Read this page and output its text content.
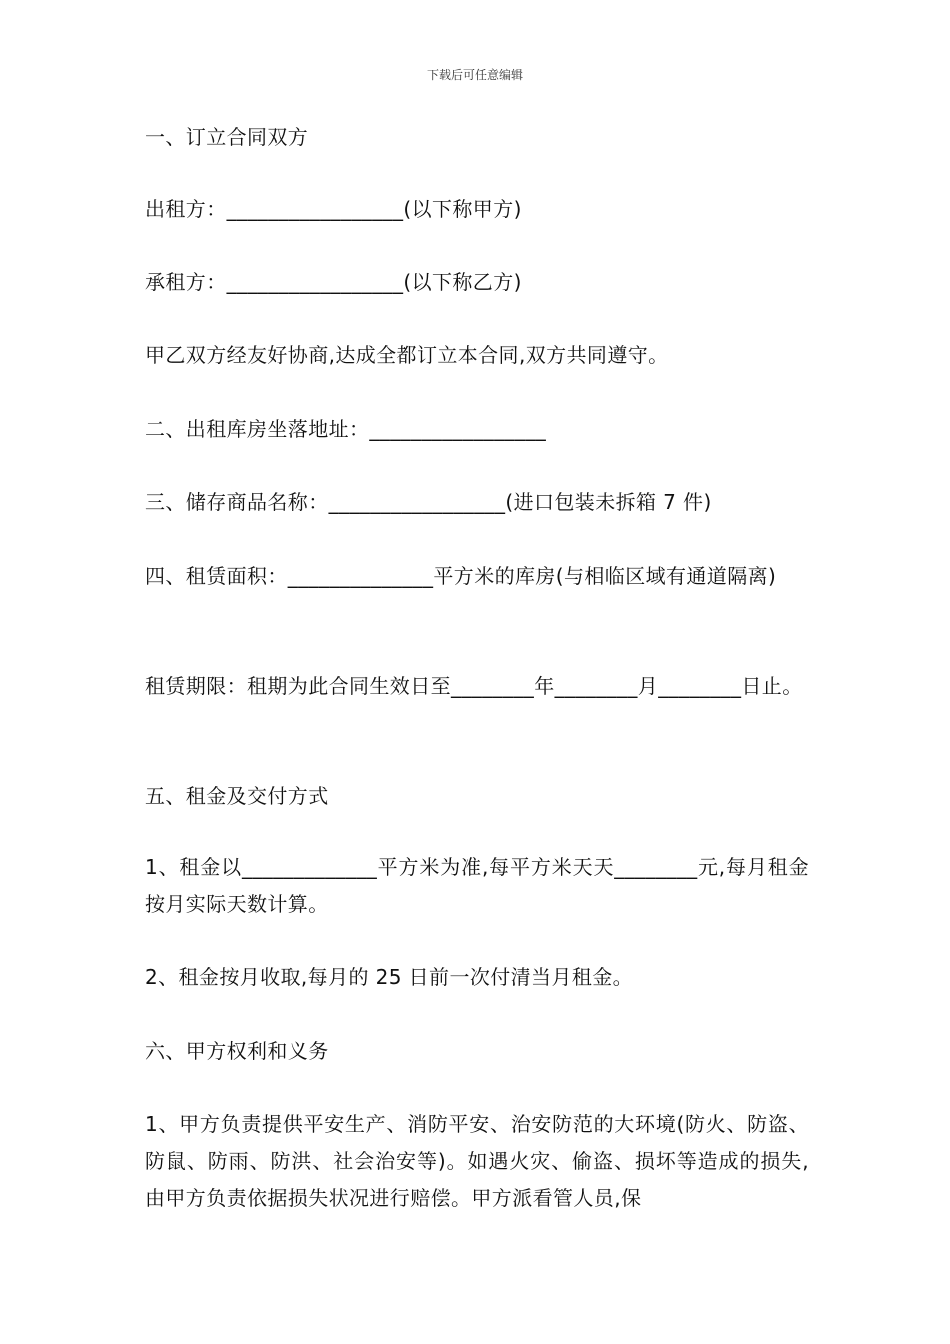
下载后可任意编辑

一、订立合同双方

出租方：_________________(以下称甲方)

承租方：_________________(以下称乙方)

甲乙双方经友好协商,达成全都订立本合同,双方共同遵守。

二、出租库房坐落地址：_________________

三、储存商品名称：_________________(进口包装未拆箱 7 件)

四、租赁面积：______________平方米的库房(与相临区域有通道隔离)

租赁期限：租期为此合同生效日至________年________月________日止。

五、租金及交付方式

1、租金以_____________平方米为准,每平方米天天________元,每月租金按月实际天数计算。

2、租金按月收取,每月的 25 日前一次付清当月租金。

六、甲方权利和义务

1、甲方负责提供平安生产、消防平安、治安防范的大环境(防火、防盗、防鼠、防雨、防洪、社会治安等)。如遇火灾、偷盗、损坏等造成的损失,由甲方负责依据损失状况进行赔偿。甲方派看管人员,保
